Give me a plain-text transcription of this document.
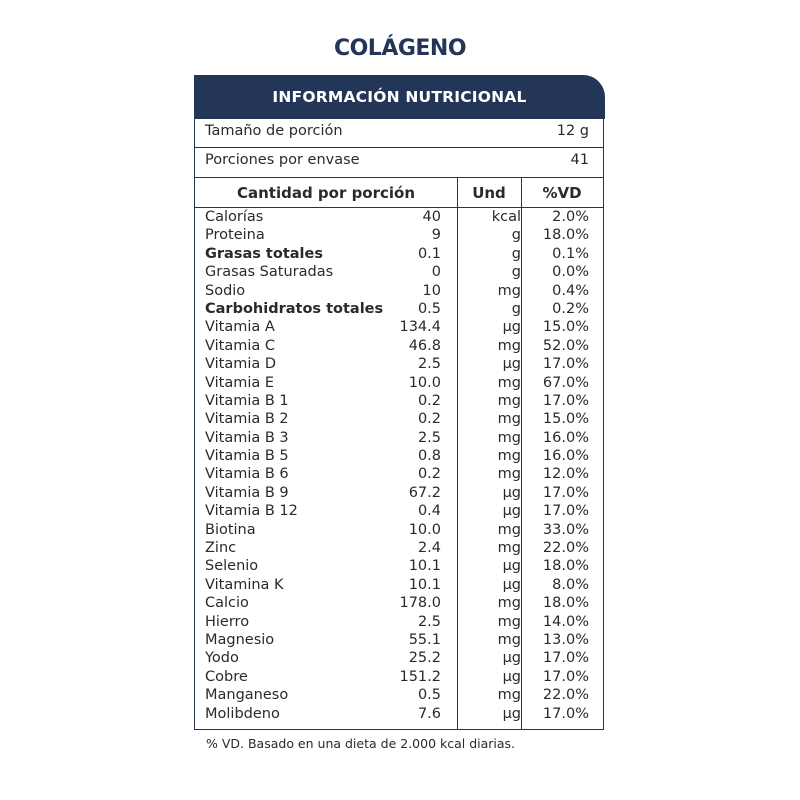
COLÁGENO
INFORMACIÓN NUTRICIONAL
Tamaño de porción	12 g
Porciones por envase	41
Cantidad por porción	Und	%VD
Calorías	40	kcal 2.0%
Proteina	9	g 18.0%
Grasas totales	0.1	g 0.1%
Grasas Saturadas	0	g 0.0%
Sodio	10	mg 0.4%
Carbohidratos totales 0.5	g 0.2%
Vitamia A	134.4	µg 15.0%
Vitamia C	46.8	mg 52.0%
Vitamia D	2.5	µg 17.0%
Vitamia E	10.0	mg 67.0%
Vitamia B 1	0.2	mg 17.0%
Vitamia B 2	0.2	mg 15.0%
Vitamia B 3	2.5	mg 16.0%
Vitamia B 5	0.8	mg 16.0%
Vitamia B 6	0.2	mg 12.0%
Vitamia B 9	67.2	µg 17.0%
Vitamia B 12	0.4	µg 17.0%
Biotina	10.0	mg 33.0%
Zinc	2.4	mg 22.0%
Selenio	10.1	µg 18.0%
Vitamina K	10.1	µg 8.0%
Calcio	178.0	mg 18.0%
Hierro	2.5	mg 14.0%
Magnesio	55.1	mg 13.0%
Yodo	25.2	µg 17.0%
Cobre	151.2	µg 17.0%
Manganeso	0.5	mg 22.0%
Molibdeno	7.6	µg 17.0%
% VD. Basado en una dieta de 2.000 kcal diarias.
